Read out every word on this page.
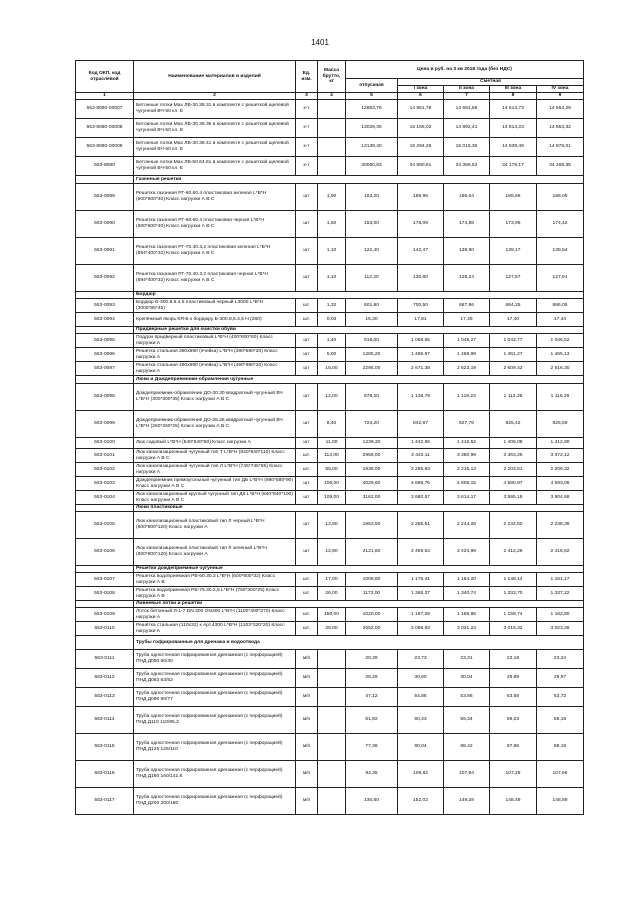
1401
Код ОКП, код отраслевой	Наименование материалов и изделий	Ед. изм.	Масса брутто, кг	Цена в руб. на 3 кв 2018 года (без НДС)				
				отпускная	Сметная			
					I зона	II зона	III зона	IV зона
1	2	3	4	5	6	7	8	9
553-8080-00007	Бетонные лотки Max ЛВ-30.38.31 в комплекте с решеткой щелевой чугунной ВЧ-50 кл. Е	к-т		12853,76	14 961,78	14 691,65	14 614,73	14 653,29
553-8080-00008	Бетонные лотки Max ЛВ-30.38.36 в комплекте с решеткой щелевой чугунной ВЧ-50 кл. Е	к-т		13029,35	15 166,02	14 892,41	14 814,23	14 853,32
553-8080-00009	Бетонные лотки Max ЛВ-30.38.41 в комплекте с решеткой щелевой чугунной ВЧ-50 кл. Е	к-т		13139,40	15 294,26	15 015,35	14 939,49	14 978,01
553-8080	Бетонные лотки Max ЛВ-50.64.61 в комплекте с решеткой щелевой чугунной ВЧ-50 кл. Е	к-т		30060,83	34 990,81	34 359,53	34 179,17	34 269,35
	Газонные решетки							
553-0089	Решетка газонная РГ-60.60.4 пластиковая зеленая L*B*H (600*600*40) Класс нагрузки А В С	шт	1,90	163,20	189,96	186,54	185,56	186,05
553-0090	Решетка газонная РГ-60.60.4 пластиковая черная L*B*H (600*600*40) Класс нагрузки А В С	шт	1,60	153,00	178,09	174,88	173,96	174,42
553-0091	Решетка газонная РГ-70.40.3,2 пластиковая зеленая L*B*H (694*400*32) Класс нагрузки А В С	шт	1,10	122,40	142,47	139,90	139,17	139,54
553-0092	Решетка газонная РГ-70.40.3,2 пластиковая черная L*B*H (694*400*32) Класс нагрузки А В С	шт	1,10	112,20	130,60	128,24	127,57	127,91
	Бордюр							
553-0093	Бордюр Б-300.8.5.4.5 пластиковый черный L3000 L*B*H (3000*85*45)	шт.	1,32	601,80	700,50	687,86	684,25	686,05
553-0094	Крепёжный якорь КЯ-Б к бордюру Б-300.8,5.4,5 Н (260)	шт.	0,03	15,30	17,81	17,49	17,40	17,44
	Придверные решетки для очистки обуви							
553-0095	Поддон придверный пластиковый L*B*H (400*600*60) Класс нагрузки А	шт	1,40	918,00	1 068,55	1 049,27	1 043,77	1 046,52
553-0096	Решетка стальная 390х590 (ячейка) L*B*H (390*590*20) Класс нагрузки А	шт	5,00	1285,20	1 495,97	1 468,98	1 461,27	1 465,13
553-0097	Решетка стальная 490х990 (ячейка) L*B*H (490*990*20) Класс нагрузки А	шт	15,00	2295,00	2 671,38	2 623,19	2 609,42	2 616,30
	Люки и Дождеприемники-обрамления чугунные							
553-0098	Дождеприемник-обрамление ДО-30.30 квадратный чугунный ВЧ L*B*H (300*300*35) Класс нагрузки А В С	шт	12,00	978,20	1 138,79	1 119,23	1 113,35	1 116,29
553-0099	Дождеприемник-обрамление ДО-26.26 квадратный чугунный ВЧ L*B*H (260*260*25) Класс нагрузки А В С	шт	8,40	724,20	842,97	827,76	825,42	825,59
553-0100	Люк садовый L*B*H (540*540*50) Класс нагрузки А	шт	11,00	1239,30	1 442,55	1 416,52	1 409,08	1 412,80
553-0101	Люк канализационный чугунный тип Т L*B*H (840*840*110) Класс нагрузки А В С	шт.	113,00	2958,00	3 443,11	3 380,99	3 363,25	3 372,12
553-0102	Люк канализационный чугунный тип Л L*B*H (745*745*65) Класс нагрузки А	шт.	55,00	1938,00	2 255,83	2 215,13	2 203,51	2 209,32
553-0103	Дождеприемник прямоугольный чугунный тип ДБ L*B*H (980*580*90) Класс нагрузки А В С	шт	105,00	4029,60	4 689,76	4 605,15	4 580,97	4 593,06
553-0104	Люк канализационный круглый чугунный тип ДК L*B*H (840*840*100) Класс нагрузки А В С	шт	109,00	3162,00	3 680,57	3 614,17	3 595,19	3 604,68
	Люки пластиковые							
553-0105	Люк канализационный пластиковый тип Л черный L*B*H (800*800*120) Класс нагрузки А	шт	12,80	1963,50	2 285,51	2 244,28	2 232,50	2 238,39
553-0106	Люк канализационный пластиковый тип Л зеленый L*B*H (800*800*120) Класс нагрузки А	шт	12,80	2121,60	2 469,54	2 424,99	2 412,26	2 418,62
	Решетки дождеприемные чугунные							
553-0107	Решетка водоприемная РВ-60.30.3 L*B*H (600*600*32) Класс нагрузки А В	шт.	17,00	1009,80	1 175,41	1 154,20	1 148,14	1 151,17
553-0108	Решетка водоприемная РВ-75.30.2,5 L*B*H (750*300*25) Класс нагрузки А В	шт.	26,00	1173,00	1 365,37	1 340,74	1 333,70	1 337,22
	Ливневые лотки и решетки							
553-0109	Лоток бетонный Л-1-7 DN 300 ОN300 L*B*H (1100*400*370) Класс нагрузки А	шт.	150,00	1020,00	1 187,28	1 165,86	1 159,74	1 162,80
553-0110	Решётка стальная (110х32) к Арт.4300 L*B*H (1103*320*20) Класс нагрузки А	шт.	25,00	2652,00	3 086,93	3 031,24	3 015,32	3 023,28
	Трубы гофрированные для дренажа и водоотвода							
553-0111	Труба одностенная гофрированная дренажная (с перфорацией) ПНД Д050 50/40	м/п		20,39	23,73	23,31	23,18	23,24
553-0112	Труба одностенная гофрированная дренажная (с перфорацией) ПНД Д063 63/52	м/п		26,29	30,60	30,04	29,89	29,97
553-0113	Труба одностенная гофрированная дренажная (с перфорацией) ПНД Д090 90/77	м/п		47,12	54,85	53,86	53,58	53,72
553-0114	Труба одностенная гофрированная дренажная (с перфорацией) ПНД Д110 110/95,2	м/п		51,92	60,43	59,34	59,03	59,19
553-0115	Труба одностенная гофрированная дренажная (с перфорацией) ПНД Д125 125/110	м/п		77,36	90,04	88,42	87,96	88,19
553-0116	Труба одностенная гофрированная дренажная (с перфорацией) ПНД Д160 160/141,6	м/п		94,35	109,82	107,84	107,28	107,56
553-0117	Труба одностенная гофрированная дренажная (с перфорацией) ПНД Д200 200/180	м/п		130,60	152,02	149,28	148,49	148,89
